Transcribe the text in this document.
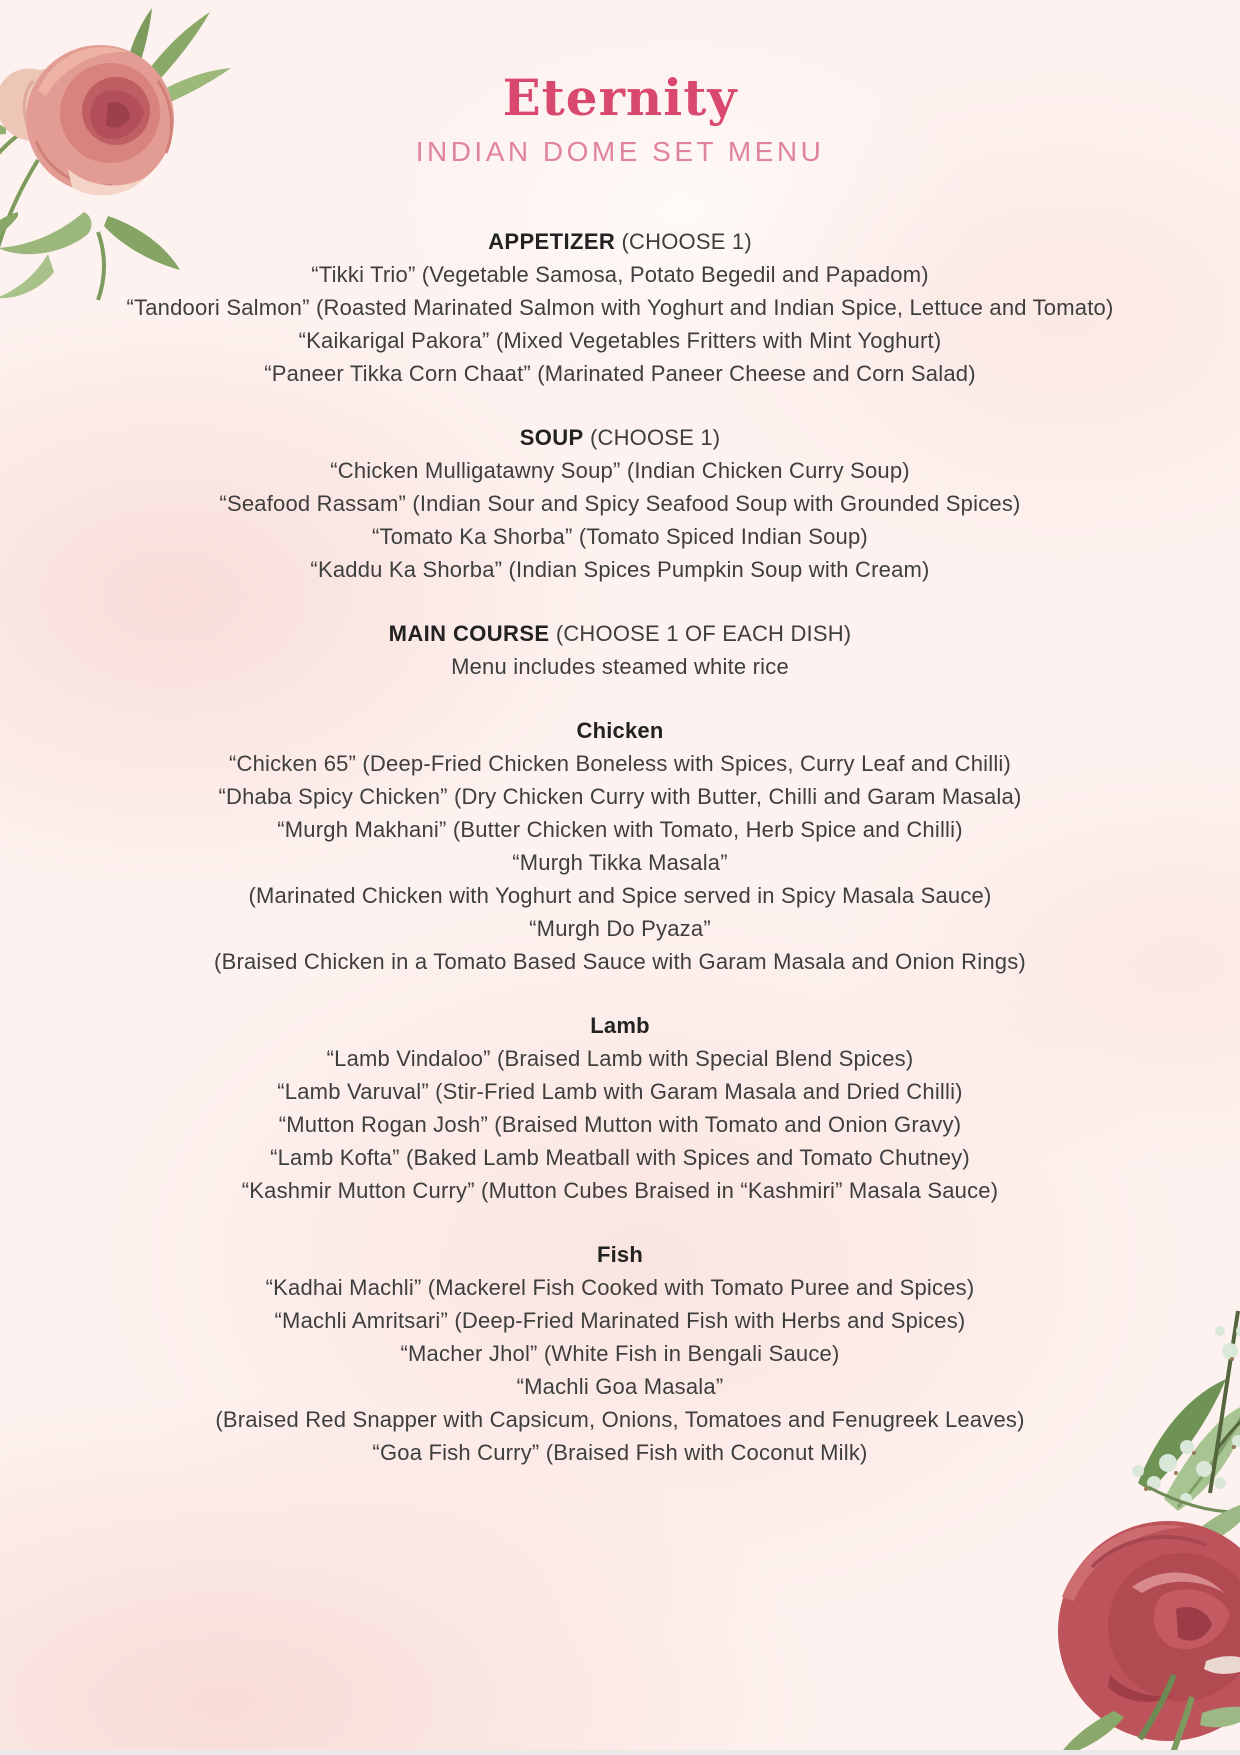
Eternity
INDIAN DOME SET MENU
APPETIZER (CHOOSE 1)
“Tikki Trio” (Vegetable Samosa, Potato Begedil and Papadom)
“Tandoori Salmon” (Roasted Marinated Salmon with Yoghurt and Indian Spice, Lettuce and Tomato)
“Kaikarigal Pakora” (Mixed Vegetables Fritters with Mint Yoghurt)
“Paneer Tikka Corn Chaat” (Marinated Paneer Cheese and Corn Salad)
SOUP (CHOOSE 1)
“Chicken Mulligatawny Soup” (Indian Chicken Curry Soup)
“Seafood Rassam” (Indian Sour and Spicy Seafood Soup with Grounded Spices)
“Tomato Ka Shorba” (Tomato Spiced Indian Soup)
“Kaddu Ka Shorba” (Indian Spices Pumpkin Soup with Cream)
MAIN COURSE (CHOOSE 1 OF EACH DISH)
Menu includes steamed white rice
Chicken
“Chicken 65” (Deep-Fried Chicken Boneless with Spices, Curry Leaf and Chilli)
“Dhaba Spicy Chicken” (Dry Chicken Curry with Butter, Chilli and Garam Masala)
“Murgh Makhani” (Butter Chicken with Tomato, Herb Spice and Chilli)
“Murgh Tikka Masala”
(Marinated Chicken with Yoghurt and Spice served in Spicy Masala Sauce)
“Murgh Do Pyaza”
(Braised Chicken in a Tomato Based Sauce with Garam Masala and Onion Rings)
Lamb
“Lamb Vindaloo” (Braised Lamb with Special Blend Spices)
“Lamb Varuval” (Stir-Fried Lamb with Garam Masala and Dried Chilli)
“Mutton Rogan Josh” (Braised Mutton with Tomato and Onion Gravy)
“Lamb Kofta” (Baked Lamb Meatball with Spices and Tomato Chutney)
“Kashmir Mutton Curry” (Mutton Cubes Braised in “Kashmiri” Masala Sauce)
Fish
“Kadhai Machli” (Mackerel Fish Cooked with Tomato Puree and Spices)
“Machli Amritsari” (Deep-Fried Marinated Fish with Herbs and Spices)
“Macher Jhol” (White Fish in Bengali Sauce)
“Machli Goa Masala”
(Braised Red Snapper with Capsicum, Onions, Tomatoes and Fenugreek Leaves)
“Goa Fish Curry” (Braised Fish with Coconut Milk)
